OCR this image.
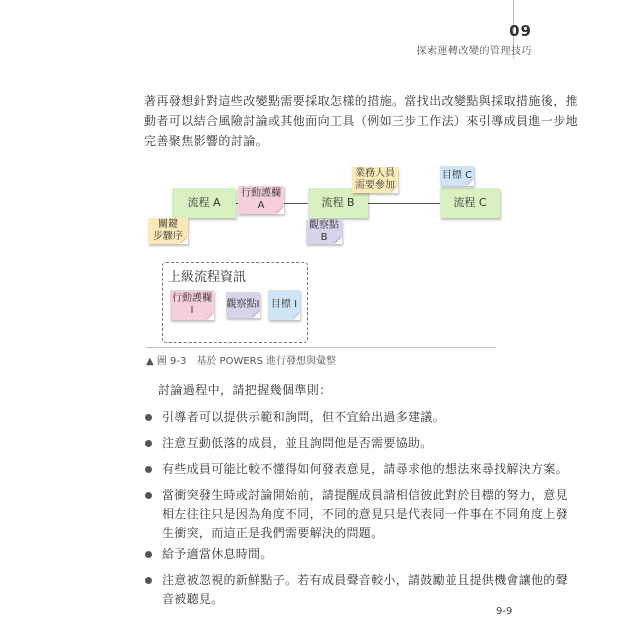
09
探索運轉改變的管理技巧
著再發想針對這些改變點需要採取怎樣的措施。當找出改變點與採取措施後，推
動者可以結合風險討論或其他面向工具（例如三步工作法）來引導成員進一步地
完善聚焦影響的討論。
流程 A
行動護欄
A
關鍵
步驟序
流程 B
業務人員
需要參加
觀察點
B
目標 C
流程 C
上級流程資訊
行動護欄
I
觀察點I 目標 I

▲ 圖 9-3　基於 POWERS 進行發想與彙整
討論過程中，請把握幾個準則：
引導者可以提供示範和詢問，但不宜給出過多建議。
注意互動低落的成員，並且詢問他是否需要協助。
有些成員可能比較不懂得如何發表意見，請尋求他的想法來尋找解決方案。
當衝突發生時或討論開始前，請提醒成員請相信彼此對於目標的努力，意見
相左往往只是因為角度不同，不同的意見只是代表同一件事在不同角度上發
生衝突，而這正是我們需要解決的問題。
給予適當休息時間。
注意被忽視的新鮮點子。若有成員聲音較小，請鼓勵並且提供機會讓他的聲
音被聽見。
9-9
